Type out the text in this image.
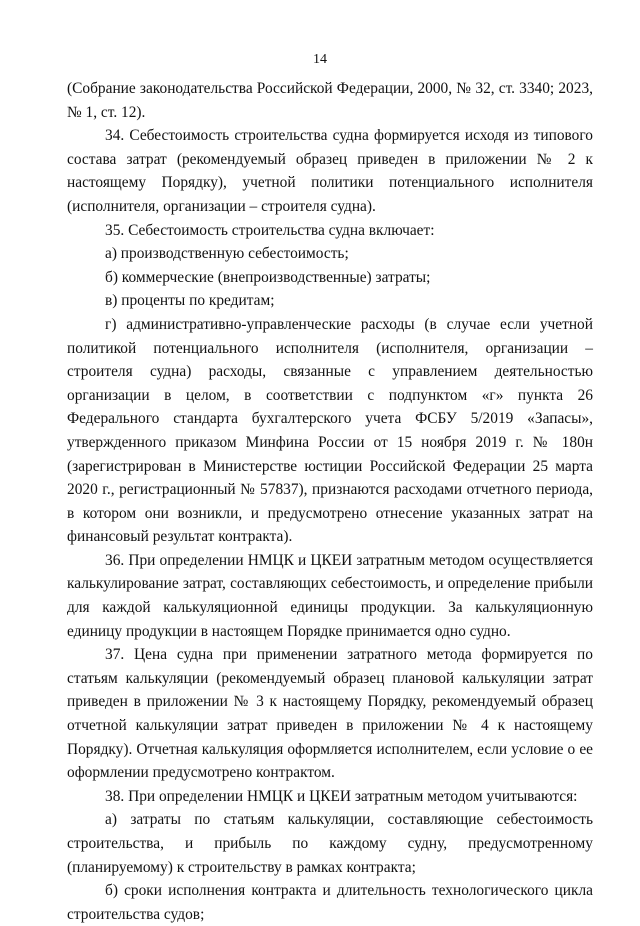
14

(Собрание законодательства Российской Федерации, 2000, № 32, ст. 3340; 2023, № 1, ст. 12).

34. Себестоимость строительства судна формируется исходя из типового состава затрат (рекомендуемый образец приведен в приложении № 2 к настоящему Порядку), учетной политики потенциального исполнителя (исполнителя, организации – строителя судна).

35. Себестоимость строительства судна включает:

а) производственную себестоимость;

б) коммерческие (внепроизводственные) затраты;

в) проценты по кредитам;

г) административно-управленческие расходы (в случае если учетной политикой потенциального исполнителя (исполнителя, организации – строителя судна) расходы, связанные с управлением деятельностью организации в целом, в соответствии с подпунктом «г» пункта 26 Федерального стандарта бухгалтерского учета ФСБУ 5/2019 «Запасы», утвержденного приказом Минфина России от 15 ноября 2019 г. № 180н (зарегистрирован в Министерстве юстиции Российской Федерации 25 марта 2020 г., регистрационный № 57837), признаются расходами отчетного периода, в котором они возникли, и предусмотрено отнесение указанных затрат на финансовый результат контракта).

36. При определении НМЦК и ЦКЕИ затратным методом осуществляется калькулирование затрат, составляющих себестоимость, и определение прибыли для каждой калькуляционной единицы продукции. За калькуляционную единицу продукции в настоящем Порядке принимается одно судно.

37. Цена судна при применении затратного метода формируется по статьям калькуляции (рекомендуемый образец плановой калькуляции затрат приведен в приложении № 3 к настоящему Порядку, рекомендуемый образец отчетной калькуляции затрат приведен в приложении № 4 к настоящему Порядку). Отчетная калькуляция оформляется исполнителем, если условие о ее оформлении предусмотрено контрактом.

38. При определении НМЦК и ЦКЕИ затратным методом учитываются:

а) затраты по статьям калькуляции, составляющие себестоимость строительства, и прибыль по каждому судну, предусмотренному (планируемому) к строительству в рамках контракта;

б) сроки исполнения контракта и длительность технологического цикла строительства судов;
